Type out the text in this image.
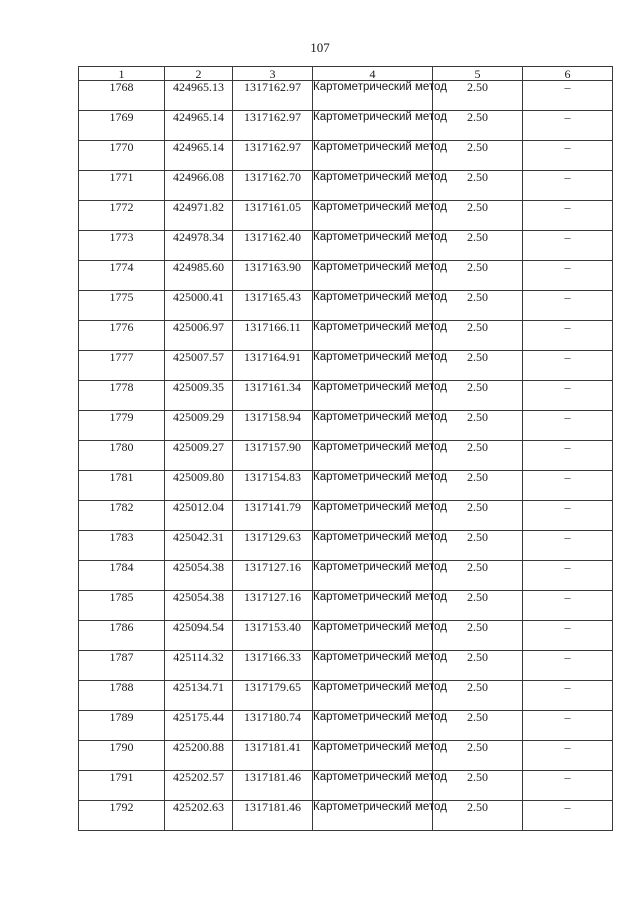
107
1	2	3	4	5	6
1768	424965.13	1317162.97	Картометрический метод	2.50	–
1769	424965.14	1317162.97	Картометрический метод	2.50	–
1770	424965.14	1317162.97	Картометрический метод	2.50	–
1771	424966.08	1317162.70	Картометрический метод	2.50	–
1772	424971.82	1317161.05	Картометрический метод	2.50	–
1773	424978.34	1317162.40	Картометрический метод	2.50	–
1774	424985.60	1317163.90	Картометрический метод	2.50	–
1775	425000.41	1317165.43	Картометрический метод	2.50	–
1776	425006.97	1317166.11	Картометрический метод	2.50	–
1777	425007.57	1317164.91	Картометрический метод	2.50	–
1778	425009.35	1317161.34	Картометрический метод	2.50	–
1779	425009.29	1317158.94	Картометрический метод	2.50	–
1780	425009.27	1317157.90	Картометрический метод	2.50	–
1781	425009.80	1317154.83	Картометрический метод	2.50	–
1782	425012.04	1317141.79	Картометрический метод	2.50	–
1783	425042.31	1317129.63	Картометрический метод	2.50	–
1784	425054.38	1317127.16	Картометрический метод	2.50	–
1785	425054.38	1317127.16	Картометрический метод	2.50	–
1786	425094.54	1317153.40	Картометрический метод	2.50	–
1787	425114.32	1317166.33	Картометрический метод	2.50	–
1788	425134.71	1317179.65	Картометрический метод	2.50	–
1789	425175.44	1317180.74	Картометрический метод	2.50	–
1790	425200.88	1317181.41	Картометрический метод	2.50	–
1791	425202.57	1317181.46	Картометрический метод	2.50	–
1792	425202.63	1317181.46	Картометрический метод	2.50	–
